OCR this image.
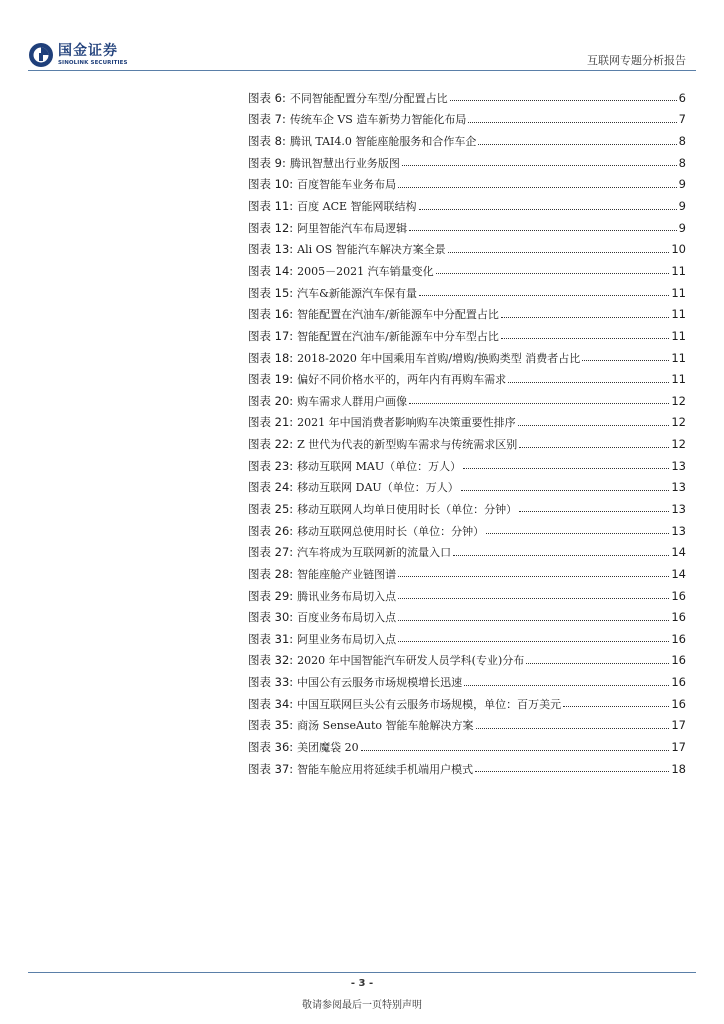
国金证券
SINOLINK SECURITIES	互联网专题分析报告
图表 6: 不同智能配置分车型/分配置占比	6
图表 7: 传统车企 VS 造车新势力智能化布局	7
图表 8: 腾讯 TAI4.0 智能座舱服务和合作车企	8
图表 9: 腾讯智慧出行业务版图	8
图表 10: 百度智能车业务布局	9
图表 11: 百度 ACE 智能网联结构	9
图表 12: 阿里智能汽车布局逻辑	9
图表 13: Ali OS 智能汽车解决方案全景	10
图表 14: 2005－2021 汽车销量变化	11
图表 15: 汽车&新能源汽车保有量	11
图表 16: 智能配置在汽油车/新能源车中分配置占比	11
图表 17: 智能配置在汽油车/新能源车中分车型占比	11
图表 18: 2018-2020 年中国乘用车首购/增购/换购类型 消费者占比	11
图表 19: 偏好不同价格水平的，两年内有再购车需求	11
图表 20: 购车需求人群用户画像	12
图表 21: 2021 年中国消费者影响购车决策重要性排序	12
图表 22: Z 世代为代表的新型购车需求与传统需求区别	12
图表 23: 移动互联网 MAU（单位：万人）	13
图表 24: 移动互联网 DAU（单位：万人）	13
图表 25: 移动互联网人均单日使用时长（单位：分钟）	13
图表 26: 移动互联网总使用时长（单位：分钟）	13
图表 27: 汽车将成为互联网新的流量入口	14
图表 28: 智能座舱产业链图谱	14
图表 29: 腾讯业务布局切入点	16
图表 30: 百度业务布局切入点	16
图表 31: 阿里业务布局切入点	16
图表 32: 2020 年中国智能汽车研发人员学科(专业)分布	16
图表 33: 中国公有云服务市场规模增长迅速	16
图表 34: 中国互联网巨头公有云服务市场规模，单位：百万美元	16
图表 35: 商汤 SenseAuto 智能车舱解决方案	17
图表 36: 美团魔袋 20	17
图表 37: 智能车舱应用将延续手机端用户模式	18
- 3 -
敬请参阅最后一页特别声明
